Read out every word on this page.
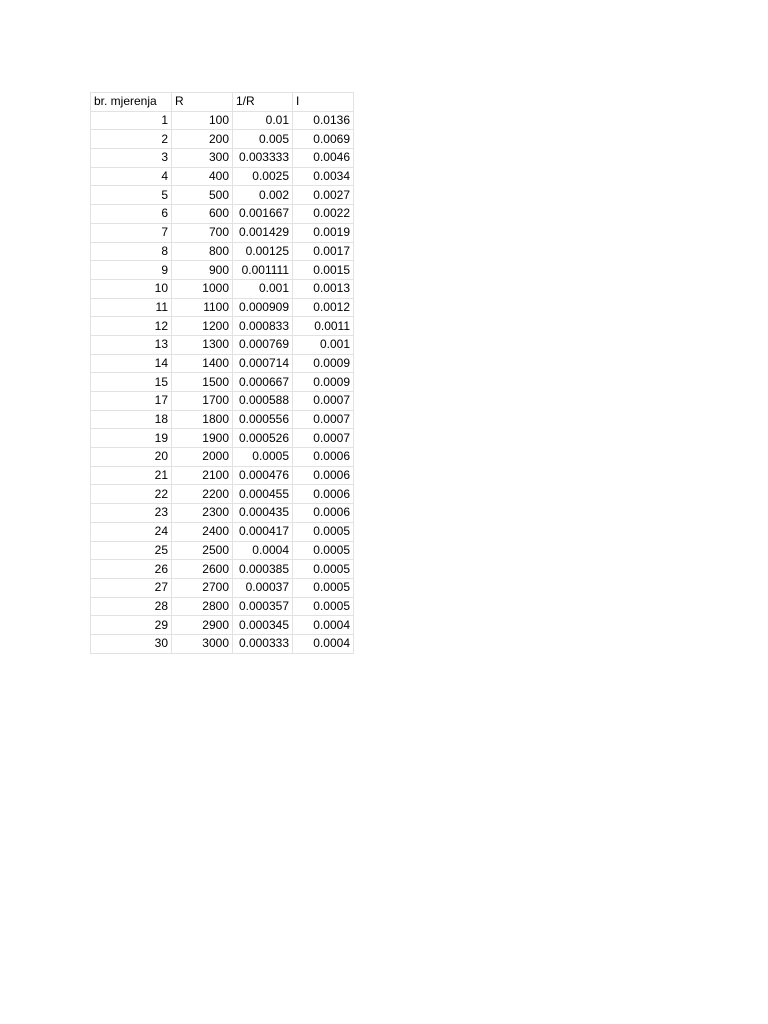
br. mjerenja	R	1/R	I
1	100	0.01	0.0136
2	200	0.005	0.0069
3	300	0.003333	0.0046
4	400	0.0025	0.0034
5	500	0.002	0.0027
6	600	0.001667	0.0022
7	700	0.001429	0.0019
8	800	0.00125	0.0017
9	900	0.001111	0.0015
10	1000	0.001	0.0013
11	1100	0.000909	0.0012
12	1200	0.000833	0.0011
13	1300	0.000769	0.001
14	1400	0.000714	0.0009
15	1500	0.000667	0.0009
17	1700	0.000588	0.0007
18	1800	0.000556	0.0007
19	1900	0.000526	0.0007
20	2000	0.0005	0.0006
21	2100	0.000476	0.0006
22	2200	0.000455	0.0006
23	2300	0.000435	0.0006
24	2400	0.000417	0.0005
25	2500	0.0004	0.0005
26	2600	0.000385	0.0005
27	2700	0.00037	0.0005
28	2800	0.000357	0.0005
29	2900	0.000345	0.0004
30	3000	0.000333	0.0004
